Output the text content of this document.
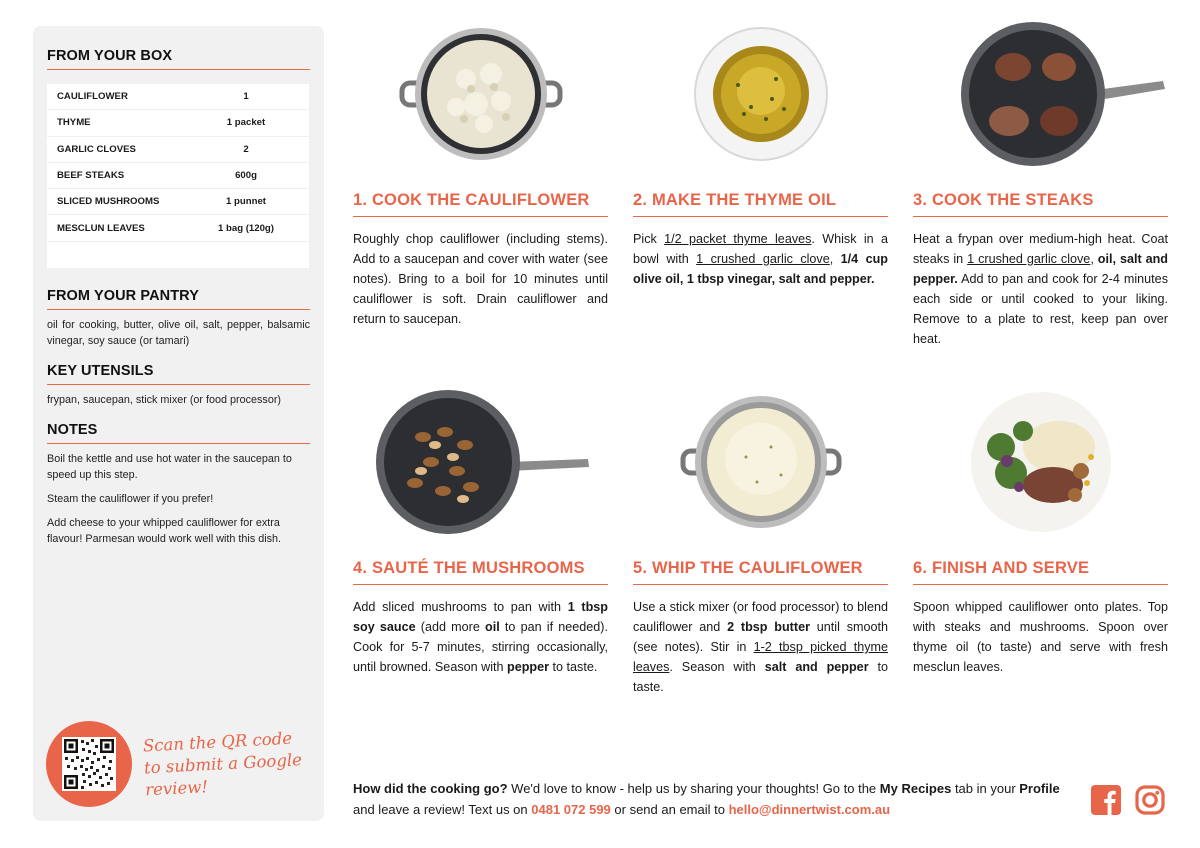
FROM YOUR BOX
CAULIFLOWER	1
THYME	1 packet
GARLIC CLOVES	2
BEEF STEAKS	600g
SLICED MUSHROOMS	1 punnet
MESCLUN LEAVES	1 bag (120g)
FROM YOUR PANTRY
oil for cooking, butter, olive oil, salt, pepper, balsamic vinegar, soy sauce (or tamari)
KEY UTENSILS
frypan, saucepan, stick mixer (or food processor)
NOTES

Boil the kettle and use hot water in the saucepan to speed up this step.

Steam the cauliflower if you prefer!

Add cheese to your whipped cauliflower for extra flavour! Parmesan would work well with this dish.

Scan the QR code to submit a Google review!
1. COOK THE CAULIFLOWER
Roughly chop cauliflower (including stems). Add to a saucepan and cover with water (see notes). Bring to a boil for 10 minutes until cauliflower is soft. Drain cauliflower and return to saucepan.
2. MAKE THE THYME OIL
Pick 1/2 packet thyme leaves. Whisk in a bowl with 1 crushed garlic clove, 1/4 cup olive oil, 1 tbsp vinegar, salt and pepper.
3. COOK THE STEAKS
Heat a frypan over medium-high heat. Coat steaks in 1 crushed garlic clove, oil, salt and pepper. Add to pan and cook for 2-4 minutes each side or until cooked to your liking. Remove to a plate to rest, keep pan over heat.
4. SAUTÉ THE MUSHROOMS
Add sliced mushrooms to pan with 1 tbsp soy sauce (add more oil to pan if needed). Cook for 5-7 minutes, stirring occasionally, until browned. Season with pepper to taste.
5. WHIP THE CAULIFLOWER
Use a stick mixer (or food processor) to blend cauliflower and 2 tbsp butter until smooth (see notes). Stir in 1-2 tbsp picked thyme leaves. Season with salt and pepper to taste.
6. FINISH AND SERVE
Spoon whipped cauliflower onto plates. Top with steaks and mushrooms. Spoon over thyme oil (to taste) and serve with fresh mesclun leaves.
How did the cooking go? We'd love to know - help us by sharing your thoughts! Go to the My Recipes tab in your Profile and leave a review! Text us on 0481 072 599 or send an email to hello@dinnertwist.com.au
